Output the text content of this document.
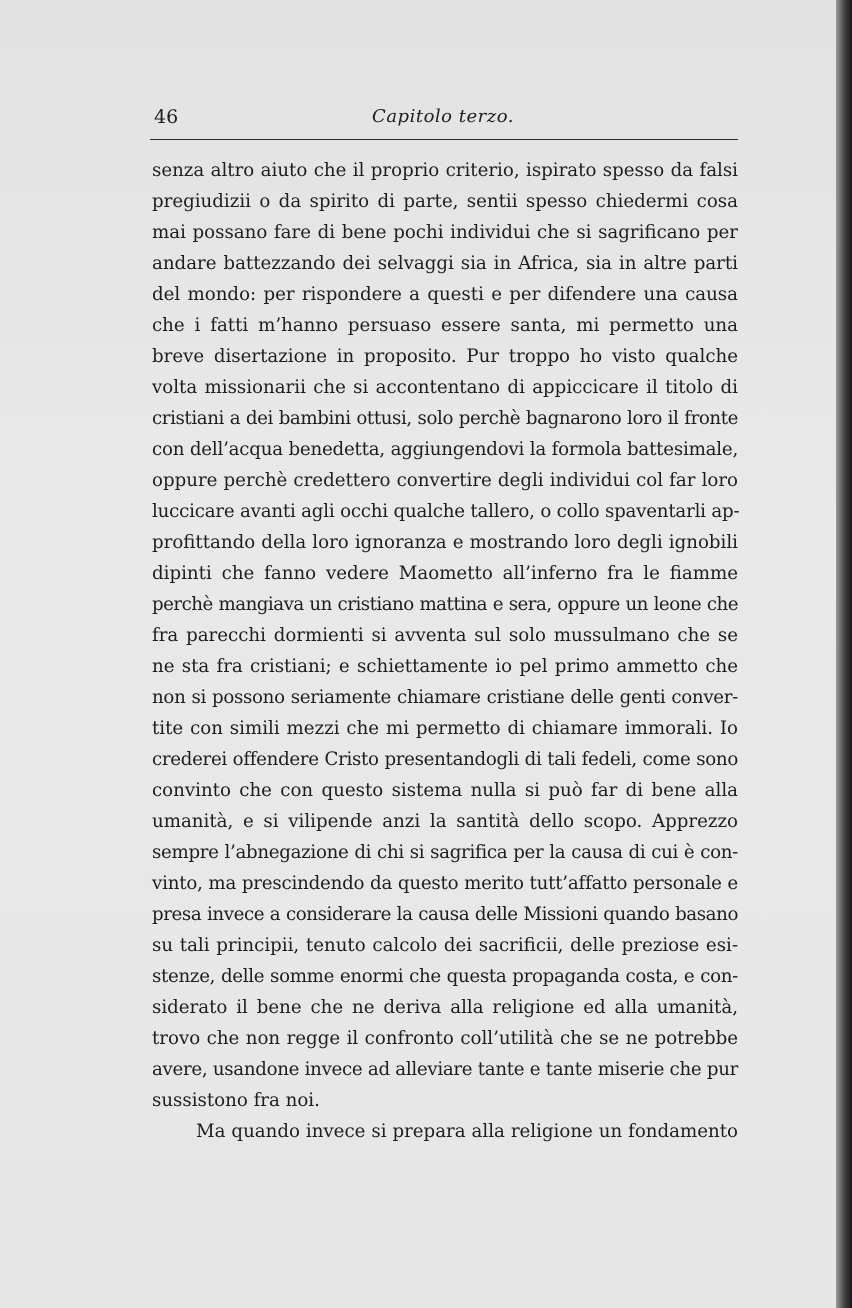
46	Capitolo terzo.
senza altro aiuto che il proprio criterio, ispirato spesso da falsi
pregiudizii o da spirito di parte, sentii spesso chiedermi cosa
mai possano fare di bene pochi individui che si sagrificano per
andare battezzando dei selvaggi sia in Africa, sia in altre parti
del mondo: per rispondere a questi e per difendere una causa
che i fatti m’hanno persuaso essere santa, mi permetto una
breve disertazione in proposito. Pur troppo ho visto qualche
volta missionarii che si accontentano di appiccicare il titolo di
cristiani a dei bambini ottusi, solo perchè bagnarono loro il fronte
con dell’acqua benedetta, aggiungendovi la formola battesimale,
oppure perchè credettero convertire degli individui col far loro
luccicare avanti agli occhi qualche tallero, o collo spaventarli ap-
profittando della loro ignoranza e mostrando loro degli ignobili
dipinti che fanno vedere Maometto all’inferno fra le fiamme
perchè mangiava un cristiano mattina e sera, oppure un leone che
fra parecchi dormienti si avventa sul solo mussulmano che se
ne sta fra cristiani; e schiettamente io pel primo ammetto che
non si possono seriamente chiamare cristiane delle genti conver-
tite con simili mezzi che mi permetto di chiamare immorali. Io
crederei offendere Cristo presentandogli di tali fedeli, come sono
convinto che con questo sistema nulla si può far di bene alla
umanità, e si vilipende anzi la santità dello scopo. Apprezzo
sempre l’abnegazione di chi si sagrifica per la causa di cui è con-
vinto, ma prescindendo da questo merito tutt’affatto personale e
presa invece a considerare la causa delle Missioni quando basano
su tali principii, tenuto calcolo dei sacrificii, delle preziose esi-
stenze, delle somme enormi che questa propaganda costa, e con-
siderato il bene che ne deriva alla religione ed alla umanità,
trovo che non regge il confronto coll’utilità che se ne potrebbe
avere, usandone invece ad alleviare tante e tante miserie che pur
sussistono fra noi.
Ma quando invece si prepara alla religione un fondamento
